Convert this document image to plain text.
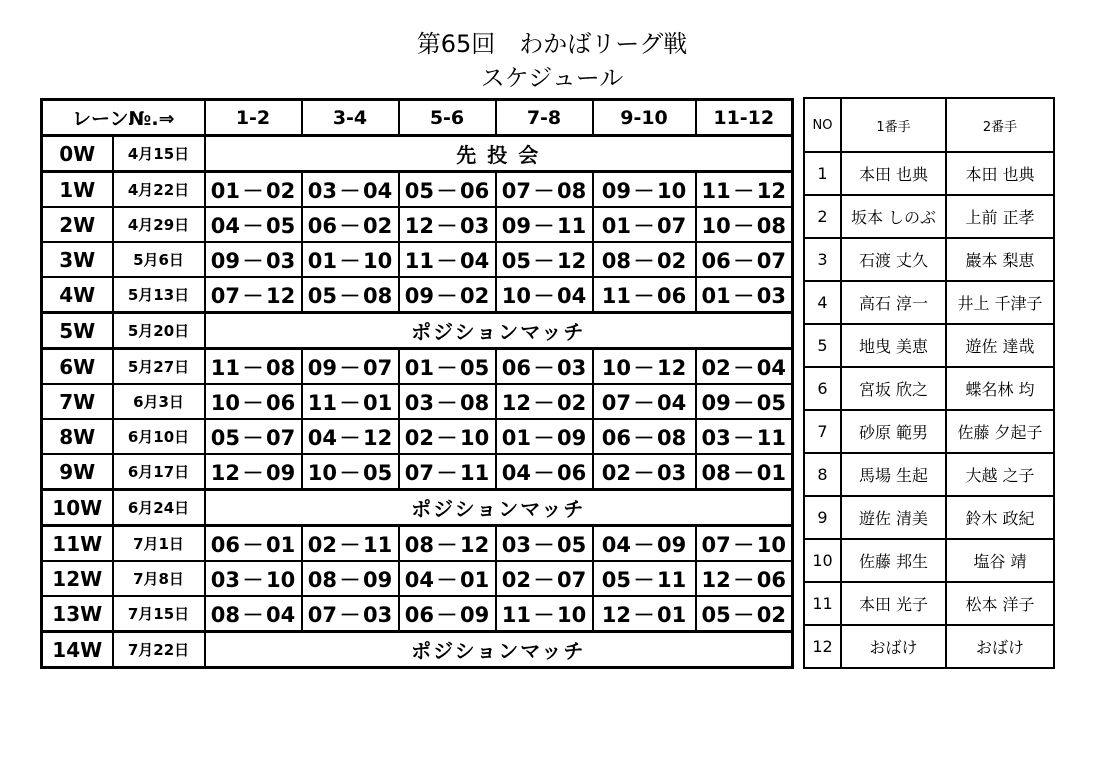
第65回　わかばリーグ戦
スケジュール
レーン№.⇒		1-2	3-4	5-6	7-8	9-10	11-12
0W	4月15日	先 投 会					
1W	4月22日	01 － 02	03 － 04	05 － 06	07 － 08	09 － 10	11 － 12
2W	4月29日	04 － 05	06 － 02	12 － 03	09 － 11	01 － 07	10 － 08
3W	5月6日	09 － 03	01 － 10	11 － 04	05 － 12	08 － 02	06 － 07
4W	5月13日	07 － 12	05 － 08	09 － 02	10 － 04	11 － 06	01 － 03
5W	5月20日	ポジションマッチ					
6W	5月27日	11 － 08	09 － 07	01 － 05	06 － 03	10 － 12	02 － 04
7W	6月3日	10 － 06	11 － 01	03 － 08	12 － 02	07 － 04	09 － 05
8W	6月10日	05 － 07	04 － 12	02 － 10	01 － 09	06 － 08	03 － 11
9W	6月17日	12 － 09	10 － 05	07 － 11	04 － 06	02 － 03	08 － 01
10W	6月24日	ポジションマッチ					
11W	7月1日	06 － 01	02 － 11	08 － 12	03 － 05	04 － 09	07 － 10
12W	7月8日	03 － 10	08 － 09	04 － 01	02 － 07	05 － 11	12 － 06
13W	7月15日	08 － 04	07 － 03	06 － 09	11 － 10	12 － 01	05 － 02
14W	7月22日	ポジションマッチ					
NO	1番手	2番手
1	本田 也典	本田 也典
2	坂本 しのぶ	上前 正孝
3	石渡 丈久	巖本 梨恵
4	高石 淳一	井上 千津子
5	地曳 美恵	遊佐 達哉
6	宮坂 欣之	蝶名林 均
7	砂原 範男	佐藤 夕起子
8	馬場 生起	大越 之子
9	遊佐 清美	鈴木 政紀
10	佐藤 邦生	塩谷 靖
11	本田 光子	松本 洋子
12	おばけ	おばけ
